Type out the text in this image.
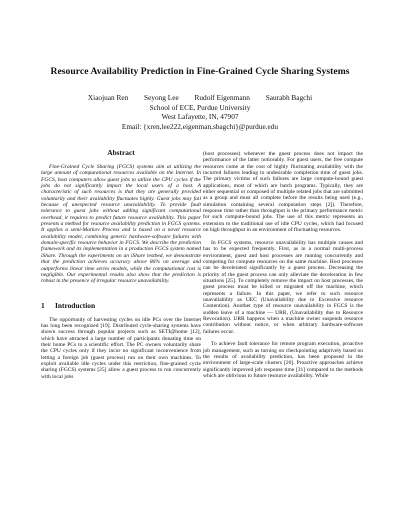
Resource Availability Prediction in Fine-Grained Cycle Sharing Systems
Xiaojuan Ren Seyong Lee Rudolf Eigenmann Saurabh Bagchi
School of ECE, Purdue University
West Lafayette, IN, 47907
Email: {xren,lee222,eigenman,sbagchi}@purdue.edu
Abstract

Fine-Grained Cycle Sharing (FGCS) systems aim at utilizing the large amount of computational resources available on the Internet. In FGCS, host computers allow guest jobs to utilize the CPU cycles if the jobs do not significantly impact the local users of a host. A characteristic of such resources is that they are generally provided voluntarily and their availability fluctuates highly. Guest jobs may fail because of unexpected resource unavailability. To provide fault tolerance to guest jobs without adding significant computational overhead, it requires to predict future resource availability. This paper presents a method for resource availability prediction in FGCS systems. It applies a semi-Markov Process and is based on a novel resource availability model, combining generic hardware-software failures with domain-specific resource behavior in FGCS. We describe the prediction framework and its implementation in a production FGCS system named iShare. Through the experiments on an iShare testbed, we demonstrate that the prediction achieves accuracy above 86% on average and outperforms linear time series models, while the computational cost is negligible. Our experimental results also show that the prediction is robust in the presence of irregular resource unavailability.

1 Introduction

The opportunity of harvesting cycles on idle PCs over the Internet has long been recognized [19]. Distributed cycle-sharing systems have shown success through popular projects such as SETI@home [12], which have attracted a large number of participants donating time on their home PCs to a scientific effort. The PC owners voluntarily share the CPU cycles only if they incur no significant inconvenience from letting a foreign job (guest process) run on their own machines. To exploit available idle cycles under this restriction, fine-grained cycle sharing (FGCS) systems [25] allow a guest process to run concurrently with local jobs

(host processes) whenever the guest process does not impact the performance of the latter noticeably. For guest users, the free compute resources come at the cost of highly fluctuating availability with the incurred failures leading to undesirable completion time of guest jobs. The primary victims of such failures are large compute-bound guest applications, most of which are batch programs. Typically, they are either sequential or composed of multiple related jobs that are submitted as a group and must all complete before the results being used (e.g., simulation containing several computation steps [2]). Therefore, response time rather than throughput is the primary performance metric for such compute-bound jobs. The use of this metric represents an extension to the traditional use of idle CPU cycles, which had focused on high throughput in an environment of fluctuating resources.

In FGCS systems, resource unavailability has multiple causes and has to be expected frequently. First, as in a normal multi-process environment, guest and host processes are running concurrently and competing for compute resources on the same machine. Host processes can be decelerated significantly by a guest process. Decreasing the priority of the guest process can only alleviate the deceleration in few situations [25]. To completely remove the impact on host processes, the guest process must be killed or migrated off the machine, which represents a failure. In this paper, we refer to such resource unavailability as UEC (Unavailability due to Excessive resource Contention). Another type of resource unavailability in FGCS is the sudden leave of a machine — URR, (Unavailability due to Resource Revocation). URR happens when a machine owner suspends resource contribution without notice, or when arbitrary hardware-software failures occur.

To achieve fault tolerance for remote program execution, proactive job management, such as turning on checkpointing adaptively based on the results of availability prediction, has been proposed in the environment of large-scale clusters [20]. Proactive approaches achieve significantly improved job response time [31] compared to the methods which are oblivious to future resource availability. While
